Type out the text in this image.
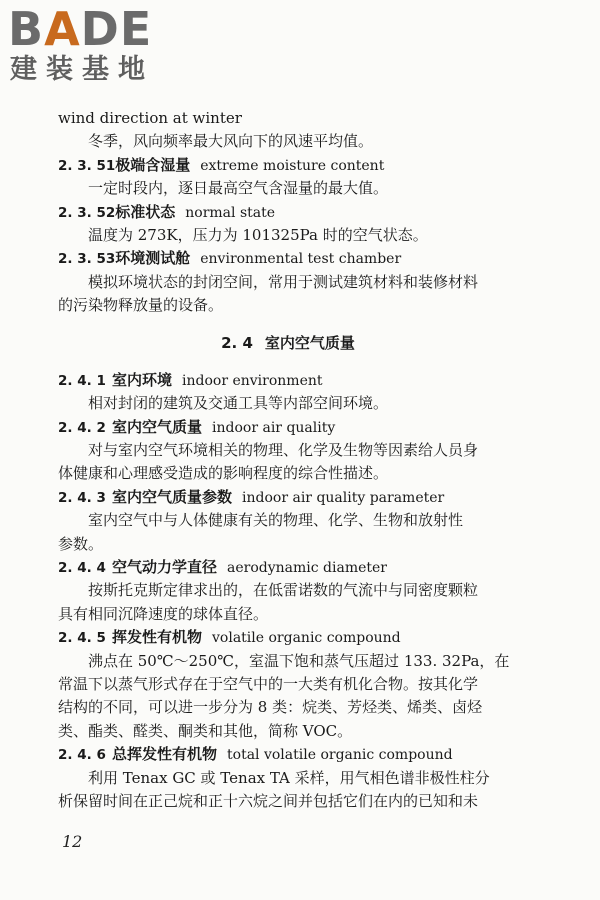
BADE
建装基地
wind direction at winter
冬季，风向频率最大风向下的风速平均值。
2. 3. 51极端含湿量 extreme moisture content
一定时段内，逐日最高空气含湿量的最大值。
2. 3. 52标准状态 normal state
温度为 273K，压力为 101325Pa 时的空气状态。
2. 3. 53环境测试舱 environmental test chamber
模拟环境状态的封闭空间，常用于测试建筑材料和装修材料
的污染物释放量的设备。
2. 4 室内空气质量
2. 4. 1 室内环境 indoor environment
相对封闭的建筑及交通工具等内部空间环境。
2. 4. 2 室内空气质量 indoor air quality
对与室内空气环境相关的物理、化学及生物等因素给人员身
体健康和心理感受造成的影响程度的综合性描述。
2. 4. 3 室内空气质量参数 indoor air quality parameter
室内空气中与人体健康有关的物理、化学、生物和放射性
参数。
2. 4. 4 空气动力学直径 aerodynamic diameter
按斯托克斯定律求出的，在低雷诺数的气流中与同密度颗粒
具有相同沉降速度的球体直径。
2. 4. 5 挥发性有机物 volatile organic compound
沸点在 50℃～250℃，室温下饱和蒸气压超过 133. 32Pa，在
常温下以蒸气形式存在于空气中的一大类有机化合物。按其化学
结构的不同，可以进一步分为 8 类：烷类、芳烃类、烯类、卤烃
类、酯类、醛类、酮类和其他，简称 VOC。
2. 4. 6 总挥发性有机物 total volatile organic compound
利用 Tenax GC 或 Tenax TA 采样，用气相色谱非极性柱分
析保留时间在正己烷和正十六烷之间并包括它们在内的已知和未
12
